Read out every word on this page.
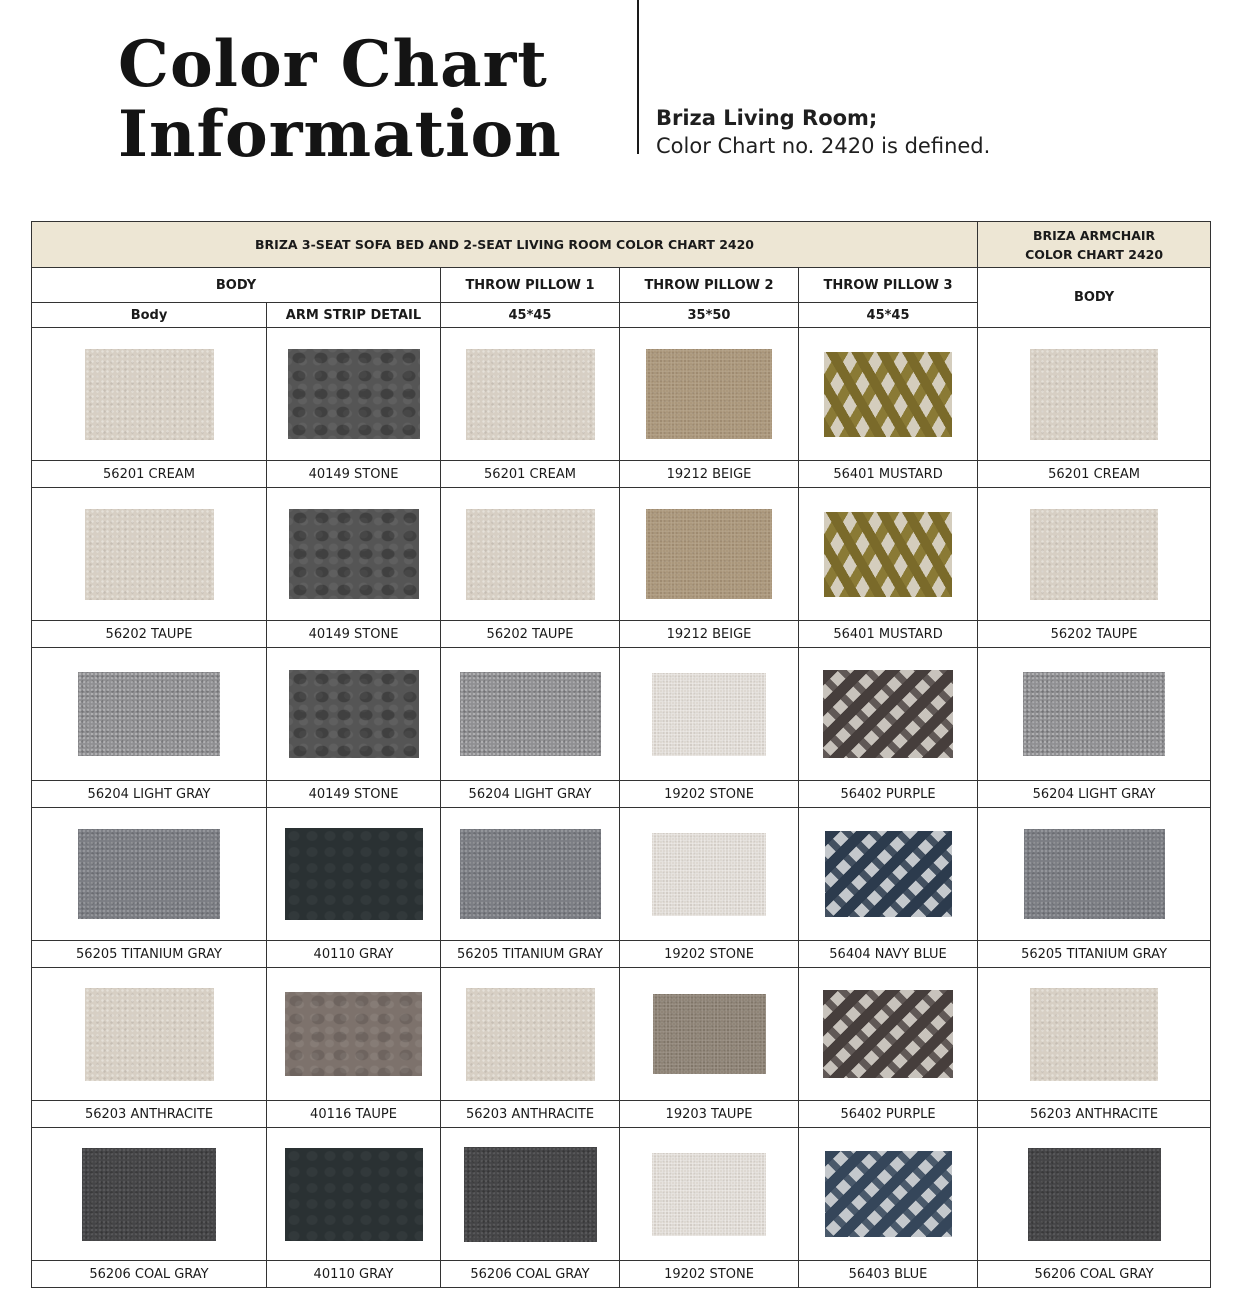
Color Chart
Information	Briza Living Room;
Color Chart no. 2420 is defined.
BRIZA 3-SEAT SOFA BED AND 2-SEAT LIVING ROOM COLOR CHART 2420					BRIZA ARMCHAIR
COLOR CHART 2420
BODY		THROW PILLOW 1	THROW PILLOW 2	THROW PILLOW 3	BODY
Body	ARM STRIP DETAIL	45*45	35*50	45*45	

56201 CREAM	40149 STONE	56201 CREAM	19212 BEIGE	56401 MUSTARD	56201 CREAM

56202 TAUPE	40149 STONE	56202 TAUPE	19212 BEIGE	56401 MUSTARD	56202 TAUPE

56204 LIGHT GRAY	40149 STONE	56204 LIGHT GRAY	19202 STONE	56402 PURPLE	56204 LIGHT GRAY

56205 TITANIUM GRAY	40110 GRAY	56205 TITANIUM GRAY	19202 STONE	56404 NAVY BLUE	56205 TITANIUM GRAY

56203 ANTHRACITE	40116 TAUPE	56203 ANTHRACITE	19203 TAUPE	56402 PURPLE	56203 ANTHRACITE

56206 COAL GRAY	40110 GRAY	56206 COAL GRAY	19202 STONE	56403 BLUE	56206 COAL GRAY
